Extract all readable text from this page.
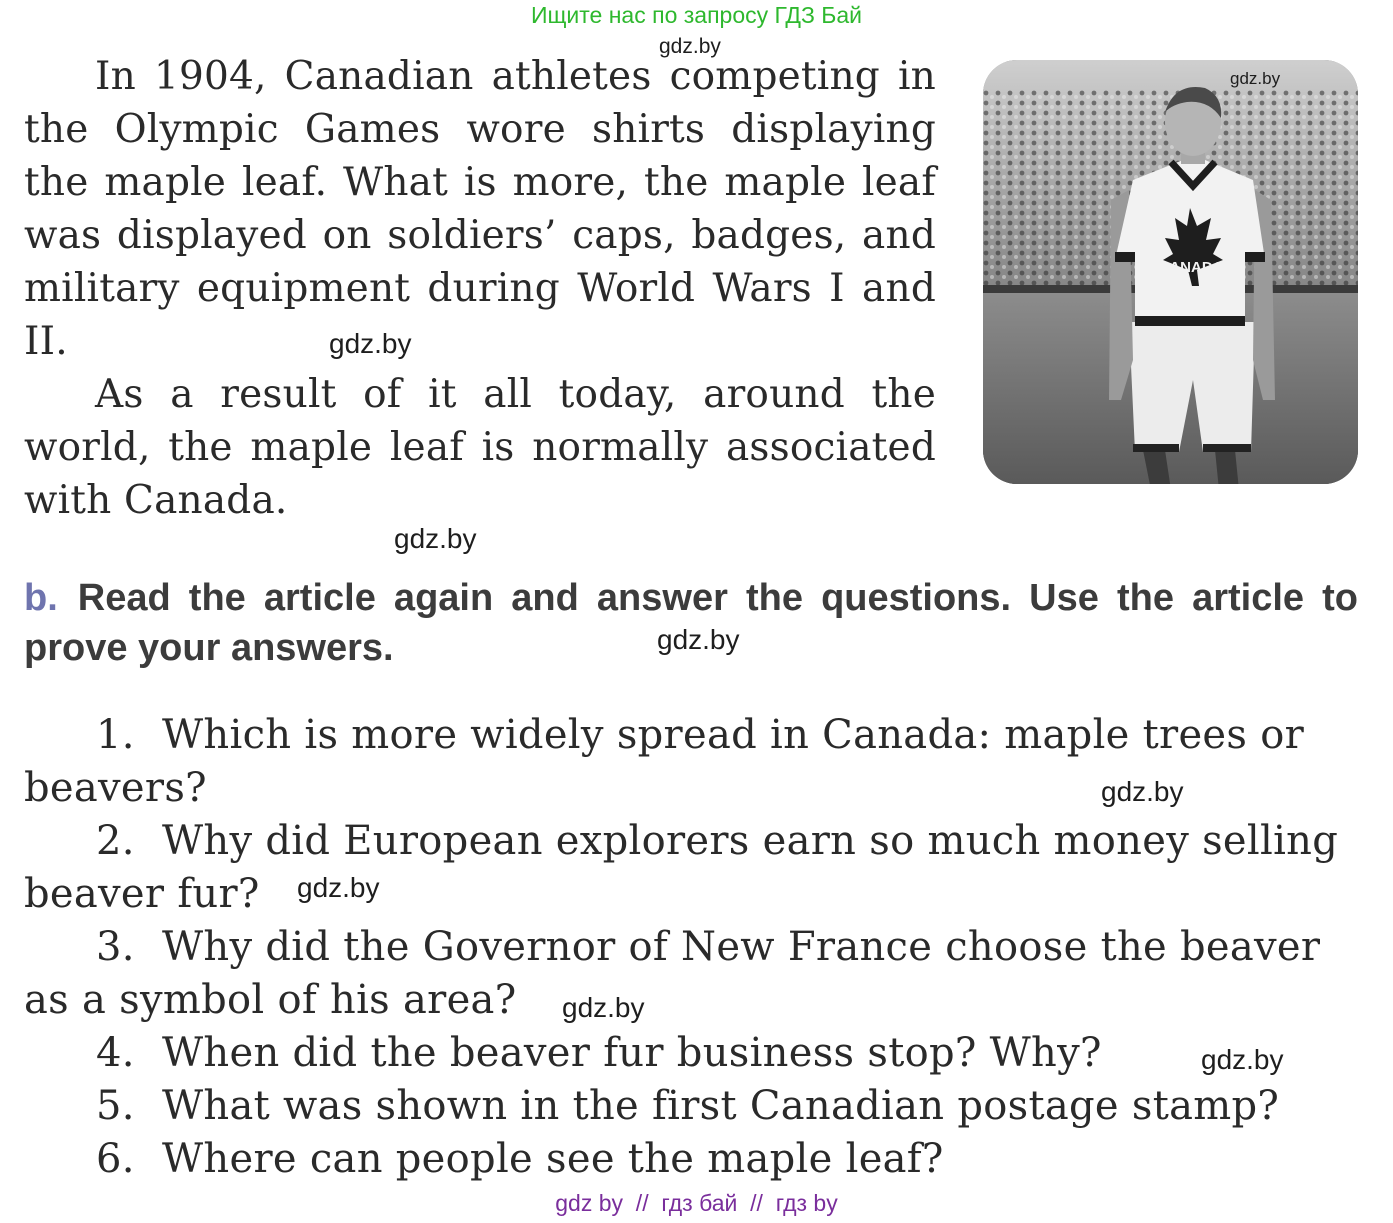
Ищите нас по запросу ГДЗ Бай
gdz.by
gdz.by
gdz.by
gdz.by
gdz.by
gdz.by
gdz.by
gdz.by

In 1904, Canadian athletes competing in the Olympic Games wore shirts displaying the maple leaf. What is more, the maple leaf was displayed on soldiers’ caps, badges, and military equipment during World Wars I and II.

As a result of it all today, around the world, the maple leaf is normally associated with Canada.

CANADA
gdz.by

b. Read the article again and answer the questions. Use the article to prove your answers.

1. Which is more widely spread in Canada: maple trees or
beavers?
2. Why did European explorers earn so much money selling
beaver fur?
3. Why did the Governor of New France choose the beaver
as a symbol of his area?
4. When did the beaver fur business stop? Why?
5. What was shown in the first Canadian postage stamp?
6. Where can people see the maple leaf?
gdz by  //  гдз бай  //  гдз by
